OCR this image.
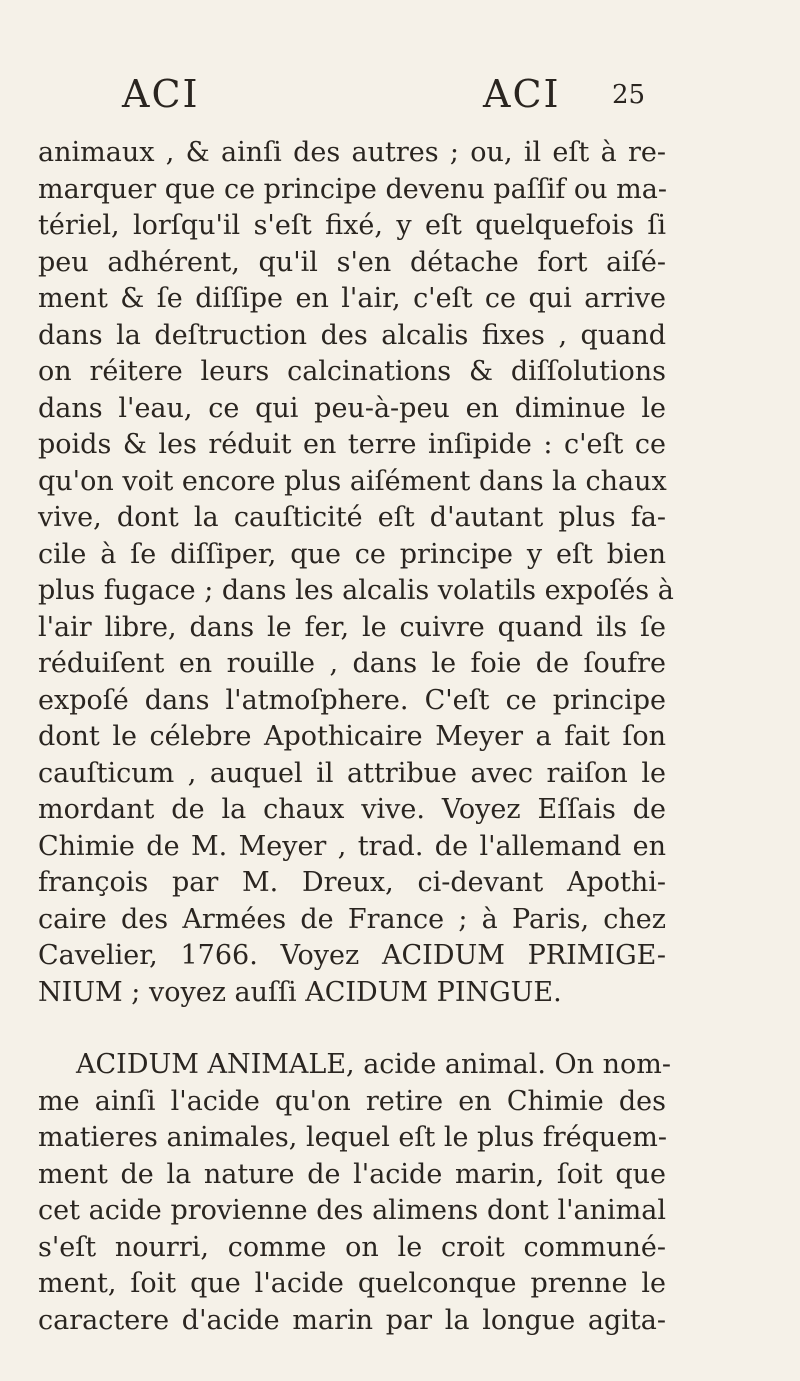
ACI	ACI 25
animaux , & ainſi des autres ; ou, il eſt à re-
marquer que ce principe devenu paſſif ou ma-
tériel, lorſqu'il s'eſt fixé, y eſt quelquefois ſi
peu adhérent, qu'il s'en détache fort aiſé-
ment & ſe diſſipe en l'air, c'eſt ce qui arrive
dans la deſtruction des alcalis fixes , quand
on réitere leurs calcinations & diſſolutions
dans l'eau, ce qui peu-à-peu en diminue le
poids & les réduit en terre inſipide : c'eſt ce
qu'on voit encore plus aiſément dans la chaux
vive, dont la cauſticité eſt d'autant plus fa-
cile à ſe diſſiper, que ce principe y eſt bien
plus fugace ; dans les alcalis volatils expoſés à
l'air libre, dans le fer, le cuivre quand ils ſe
réduiſent en rouille , dans le foie de ſoufre
expoſé dans l'atmoſphere. C'eſt ce principe
dont le célebre Apothicaire Meyer a fait ſon
cauſticum , auquel il attribue avec raiſon le
mordant de la chaux vive. Voyez Eſſais de
Chimie de M. Meyer , trad. de l'allemand en
françois par M. Dreux, ci-devant Apothi-
caire des Armées de France ; à Paris, chez
Cavelier, 1766. Voyez ACIDUM PRIMIGE-
NIUM ; voyez auſſi ACIDUM PINGUE.
ACIDUM ANIMALE, acide animal. On nom-
me ainſi l'acide qu'on retire en Chimie des
matieres animales, lequel eſt le plus fréquem-
ment de la nature de l'acide marin, ſoit que
cet acide provienne des alimens dont l'animal
s'eſt nourri, comme on le croit communé-
ment, ſoit que l'acide quelconque prenne le
caractere d'acide marin par la longue agita-
